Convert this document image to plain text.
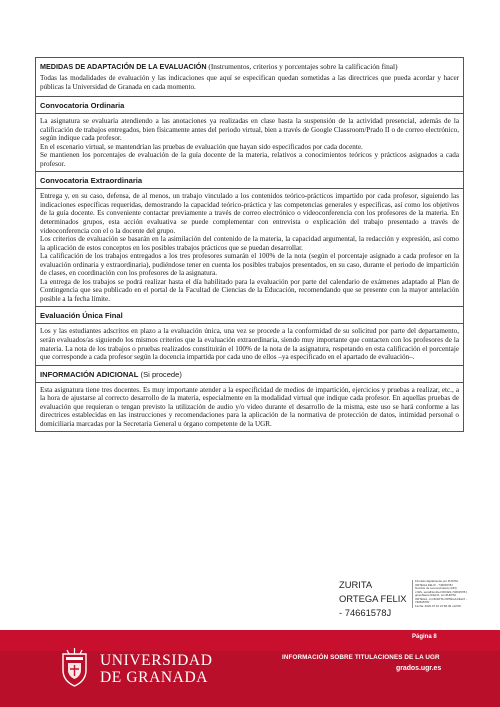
MEDIDAS DE ADAPTACIÓN DE LA EVALUACIÓN (Instrumentos, criterios y porcentajes sobre la calificación final)

Todas las modalidades de evaluación y las indicaciones que aquí se especifican quedan sometidas a las directrices que pueda acordar y hacer públicas la Universidad de Granada en cada momento.

Convocatoria Ordinaria

La asignatura se evaluaría atendiendo a las anotaciones ya realizadas en clase hasta la suspensión de la actividad presencial, además de la calificación de trabajos entregados, bien físicamente antes del periodo virtual, bien a través de Google Classroom/Prado II o de correo electrónico, según indique cada profesor.

En el escenario virtual, se mantendrían las pruebas de evaluación que hayan sido especificados por cada docente.

Se mantienen los porcentajes de evaluación de la guía docente de la materia, relativos a conocimientos teóricos y prácticos asignados a cada profesor.

Convocatoria Extraordinaria

Entrega y, en su caso, defensa, de al menos, un trabajo vinculado a los contenidos teórico-prácticos impartido por cada profesor, siguiendo las indicaciones específicas requeridas, demostrando la capacidad teórico-práctica y las competencias generales y específicas, así como los objetivos de la guía docente. Es conveniente contactar previamente a través de correo electrónico o videoconferencia con los profesores de la materia. En determinados grupos, esta acción evaluativa se puede complementar con entrevista o explicación del trabajo presentado a través de videoconferencia con el o la docente del grupo.

Los criterios de evaluación se basarán en la asimilación del contenido de la materia, la capacidad argumental, la redacción y expresión, así como la aplicación de estos conceptos en los posibles trabajos prácticos que se puedan desarrollar.

La calificación de los trabajos entregados a los tres profesores sumarán el 100% de la nota (según el porcentaje asignado a cada profesor en la evaluación ordinaria y extraordinaria), pudiéndose tener en cuenta los posibles trabajos presentados, en su caso, durante el periodo de impartición de clases, en coordinación con los profesores de la asignatura.

La entrega de los trabajos se podrá realizar hasta el día habilitado para la evaluación por parte del calendario de exámenes adaptado al Plan de Contingencia que sea publicado en el portal de la Facultad de Ciencias de la Educación, recomendando que se presente con la mayor antelación posible a la fecha límite.

Evaluación Única Final

Los y las estudiantes adscritos en plazo a la evaluación única, una vez se procede a la conformidad de su solicitud por parte del departamento, serán evaluados/as siguiendo los mismos criterios que la evaluación extraordinaria, siendo muy importante que contacten con los profesores de la materia. La nota de los trabajos o pruebas realizados constituirán el 100% de la nota de la asignatura, respetando en esta calificación el porcentaje que corresponde a cada profesor según la docencia impartida por cada uno de ellos –ya especificado en el apartado de evaluación–.

INFORMACIÓN ADICIONAL (Si procede)

Esta asignatura tiene tres docentes. Es muy importante atender a la especificidad de medios de impartición, ejercicios y pruebas a realizar, etc., a la hora de ajustarse al correcto desarrollo de la materia, especialmente en la modalidad virtual que indique cada profesor. En aquellas pruebas de evaluación que requieran o tengan previsto la utilización de audio y/o video durante el desarrollo de la misma, este uso se hará conforme a las directrices establecidas en las instrucciones y recomendaciones para la aplicación de la normativa de protección de datos, intimidad personal o domiciliaria marcadas por la Secretaria General u órgano competente de la UGR.

ZURITA
ORTEGA FELIX
- 74661578J
Firmado digitalmente por ZURITA
ORTEGA FELIX - 74661578J
Nombre de reconocimiento (DN):
c=ES, serialNumber=IDCES-74661578J,
givenName=FELIX, sn=ZURITA
ORTEGA, cn=ZURITA ORTEGA FELIX -
74661578J
Fecha: 2020.07.10 21:56:39 +02'00'
UNIVERSIDAD
DE GRANADA
Página 8
INFORMACIÓN SOBRE TITULACIONES DE LA UGR
grados.ugr.es
